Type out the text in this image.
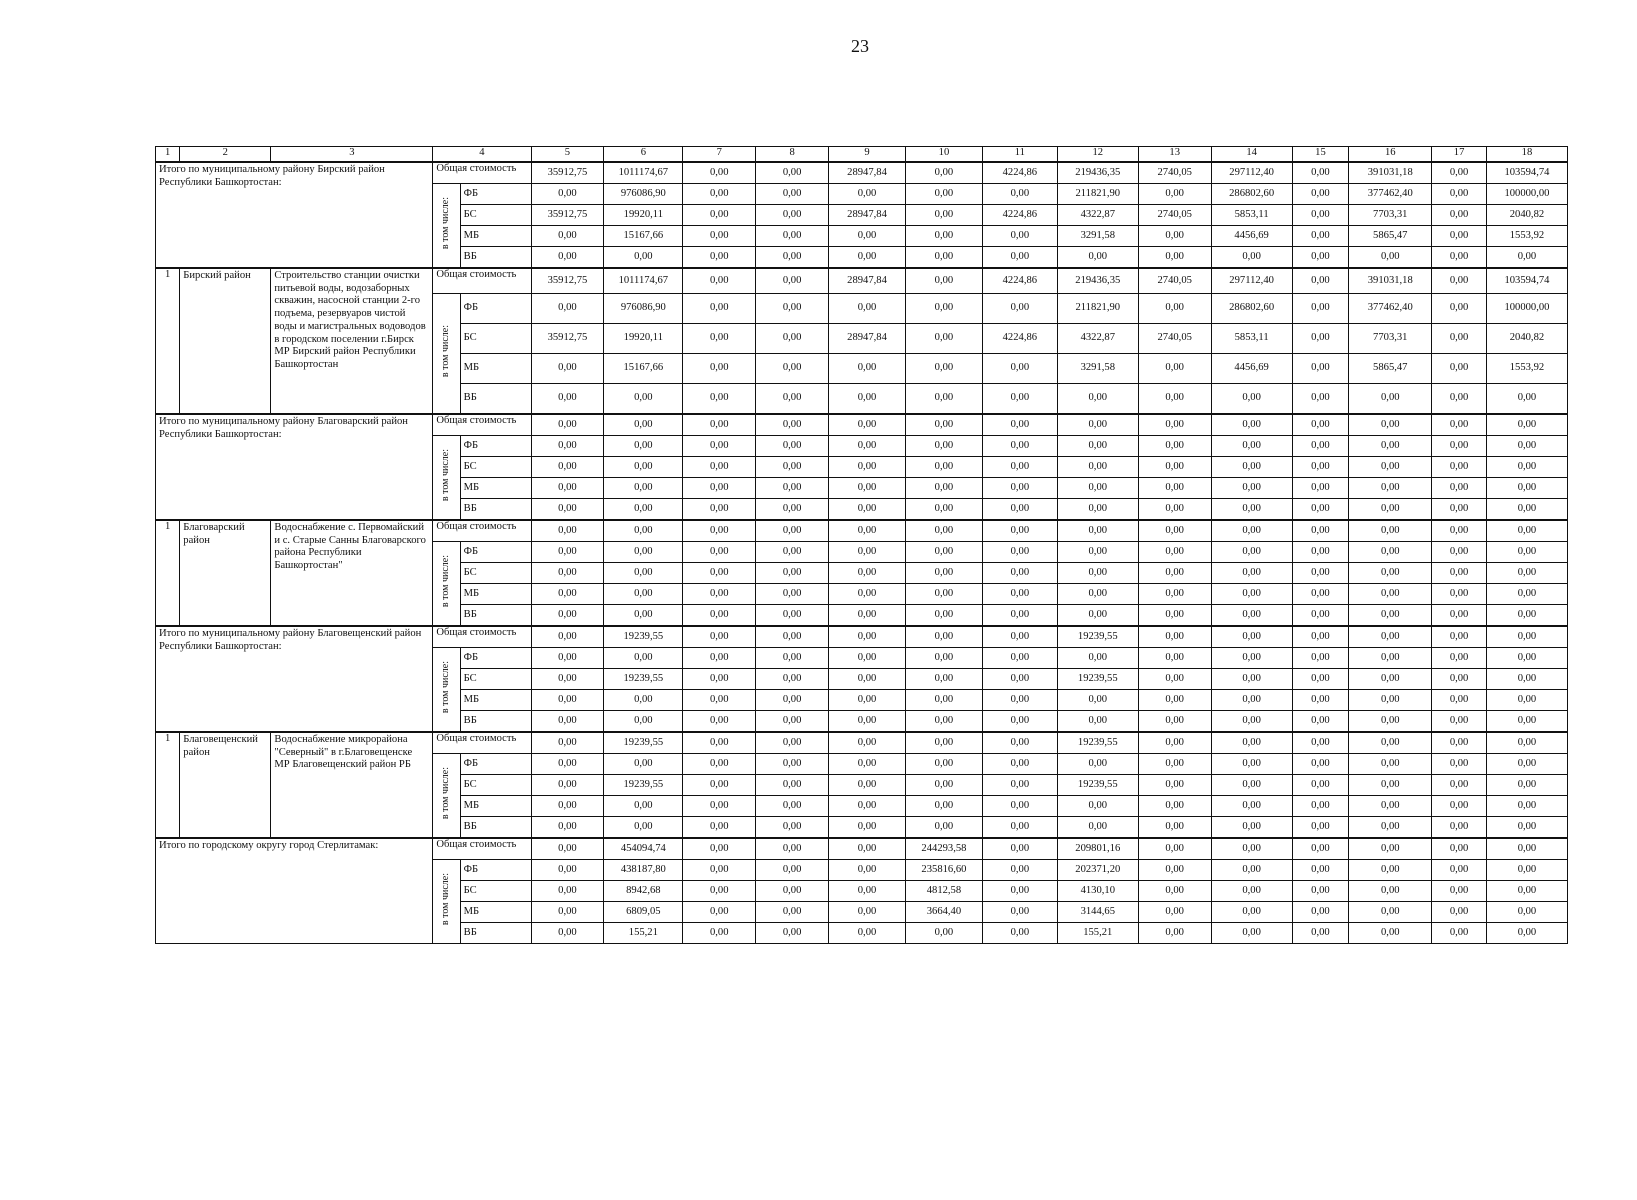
23
1	2	3	4		5	6	7	8	9	10	11	12	13	14	15	16	17	18
Итого по муниципальному району Бирский район Республики Башкортостан:			Общая стоимость		35912,75	1011174,67	0,00	0,00	28947,84	0,00	4224,86	219436,35	2740,05	297112,40	0,00	391031,18	0,00	103594,74
			в том числе:	ФБ	0,00	976086,90	0,00	0,00	0,00	0,00	0,00	211821,90	0,00	286802,60	0,00	377462,40	0,00	100000,00
				БС	35912,75	19920,11	0,00	0,00	28947,84	0,00	4224,86	4322,87	2740,05	5853,11	0,00	7703,31	0,00	2040,82
				МБ	0,00	15167,66	0,00	0,00	0,00	0,00	0,00	3291,58	0,00	4456,69	0,00	5865,47	0,00	1553,92
				ВБ	0,00	0,00	0,00	0,00	0,00	0,00	0,00	0,00	0,00	0,00	0,00	0,00	0,00	0,00
1	Бирский район	Строительство станции очистки питьевой воды, водозаборных скважин, насосной станции 2-го подъема, резервуаров чистой воды и магистральных водоводов в городском поселении г.Бирск МР Бирский район Республики Башкортостан	Общая стоимость		35912,75	1011174,67	0,00	0,00	28947,84	0,00	4224,86	219436,35	2740,05	297112,40	0,00	391031,18	0,00	103594,74
			в том числе:	ФБ	0,00	976086,90	0,00	0,00	0,00	0,00	0,00	211821,90	0,00	286802,60	0,00	377462,40	0,00	100000,00
				БС	35912,75	19920,11	0,00	0,00	28947,84	0,00	4224,86	4322,87	2740,05	5853,11	0,00	7703,31	0,00	2040,82
				МБ	0,00	15167,66	0,00	0,00	0,00	0,00	0,00	3291,58	0,00	4456,69	0,00	5865,47	0,00	1553,92
				ВБ	0,00	0,00	0,00	0,00	0,00	0,00	0,00	0,00	0,00	0,00	0,00	0,00	0,00	0,00
Итого по муниципальному району Благоварский район Республики Башкортостан:			Общая стоимость		0,00	0,00	0,00	0,00	0,00	0,00	0,00	0,00	0,00	0,00	0,00	0,00	0,00	0,00
			в том числе:	ФБ	0,00	0,00	0,00	0,00	0,00	0,00	0,00	0,00	0,00	0,00	0,00	0,00	0,00	0,00
				БС	0,00	0,00	0,00	0,00	0,00	0,00	0,00	0,00	0,00	0,00	0,00	0,00	0,00	0,00
				МБ	0,00	0,00	0,00	0,00	0,00	0,00	0,00	0,00	0,00	0,00	0,00	0,00	0,00	0,00
				ВБ	0,00	0,00	0,00	0,00	0,00	0,00	0,00	0,00	0,00	0,00	0,00	0,00	0,00	0,00
1	Благоварский район	Водоснабжение с. Первомайский и с. Старые Санны Благоварского района Республики Башкортостан"	Общая стоимость		0,00	0,00	0,00	0,00	0,00	0,00	0,00	0,00	0,00	0,00	0,00	0,00	0,00	0,00
			в том числе:	ФБ	0,00	0,00	0,00	0,00	0,00	0,00	0,00	0,00	0,00	0,00	0,00	0,00	0,00	0,00
				БС	0,00	0,00	0,00	0,00	0,00	0,00	0,00	0,00	0,00	0,00	0,00	0,00	0,00	0,00
				МБ	0,00	0,00	0,00	0,00	0,00	0,00	0,00	0,00	0,00	0,00	0,00	0,00	0,00	0,00
				ВБ	0,00	0,00	0,00	0,00	0,00	0,00	0,00	0,00	0,00	0,00	0,00	0,00	0,00	0,00
Итого по муниципальному району Благовещенский район Республики Башкортостан:			Общая стоимость		0,00	19239,55	0,00	0,00	0,00	0,00	0,00	19239,55	0,00	0,00	0,00	0,00	0,00	0,00
			в том числе:	ФБ	0,00	0,00	0,00	0,00	0,00	0,00	0,00	0,00	0,00	0,00	0,00	0,00	0,00	0,00
				БС	0,00	19239,55	0,00	0,00	0,00	0,00	0,00	19239,55	0,00	0,00	0,00	0,00	0,00	0,00
				МБ	0,00	0,00	0,00	0,00	0,00	0,00	0,00	0,00	0,00	0,00	0,00	0,00	0,00	0,00
				ВБ	0,00	0,00	0,00	0,00	0,00	0,00	0,00	0,00	0,00	0,00	0,00	0,00	0,00	0,00
1	Благовещенский район	Водоснабжение микрорайона "Северный" в г.Благовещенске МР Благовещенский район РБ	Общая стоимость		0,00	19239,55	0,00	0,00	0,00	0,00	0,00	19239,55	0,00	0,00	0,00	0,00	0,00	0,00
			в том числе:	ФБ	0,00	0,00	0,00	0,00	0,00	0,00	0,00	0,00	0,00	0,00	0,00	0,00	0,00	0,00
				БС	0,00	19239,55	0,00	0,00	0,00	0,00	0,00	19239,55	0,00	0,00	0,00	0,00	0,00	0,00
				МБ	0,00	0,00	0,00	0,00	0,00	0,00	0,00	0,00	0,00	0,00	0,00	0,00	0,00	0,00
				ВБ	0,00	0,00	0,00	0,00	0,00	0,00	0,00	0,00	0,00	0,00	0,00	0,00	0,00	0,00
Итого по городскому округу город Стерлитамак:			Общая стоимость		0,00	454094,74	0,00	0,00	0,00	244293,58	0,00	209801,16	0,00	0,00	0,00	0,00	0,00	0,00
			в том числе:	ФБ	0,00	438187,80	0,00	0,00	0,00	235816,60	0,00	202371,20	0,00	0,00	0,00	0,00	0,00	0,00
				БС	0,00	8942,68	0,00	0,00	0,00	4812,58	0,00	4130,10	0,00	0,00	0,00	0,00	0,00	0,00
				МБ	0,00	6809,05	0,00	0,00	0,00	3664,40	0,00	3144,65	0,00	0,00	0,00	0,00	0,00	0,00
				ВБ	0,00	155,21	0,00	0,00	0,00	0,00	0,00	155,21	0,00	0,00	0,00	0,00	0,00	0,00
